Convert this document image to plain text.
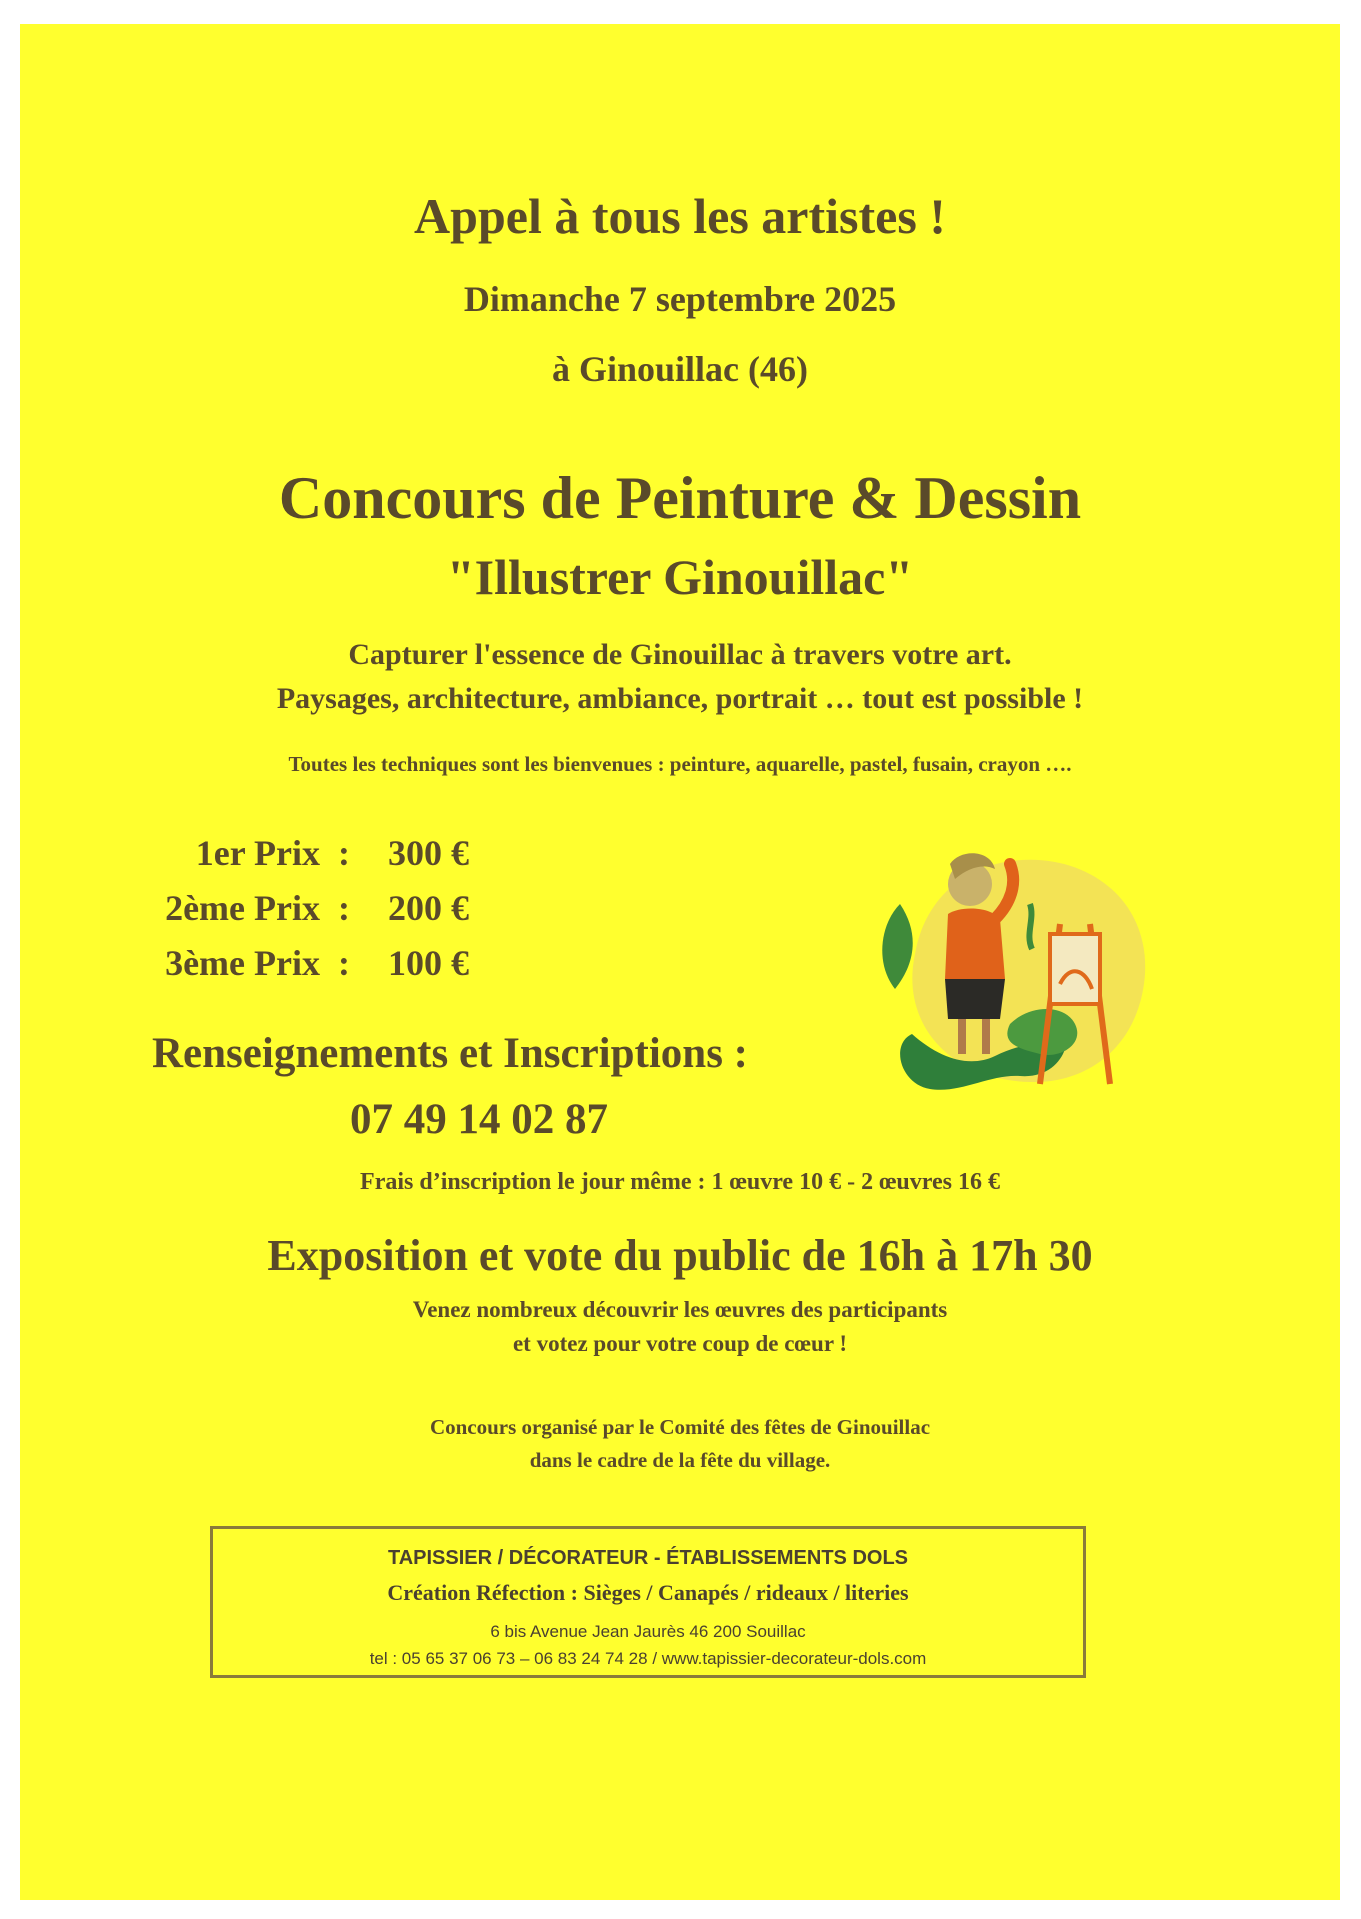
Appel à tous les artistes !
Dimanche 7 septembre 2025
à Ginouillac (46)
Concours de Peinture & Dessin
"Illustrer Ginouillac"
Capturer l'essence de Ginouillac à travers votre art.
Paysages, architecture, ambiance, portrait … tout est possible !
Toutes les techniques sont les bienvenues : peinture, aquarelle, pastel, fusain, crayon ….
1er Prix : 300 €
2ème Prix : 200 €
3ème Prix : 100 €
Renseignements et Inscriptions :
07 49 14 02 87
Frais d’inscription le jour même : 1 œuvre 10 € - 2 œuvres 16 €
Exposition et vote du public de 16h à 17h 30
Venez nombreux découvrir les œuvres des participants
et votez pour votre coup de cœur !
Concours organisé par le Comité des fêtes de Ginouillac
dans le cadre de la fête du village.
TAPISSIER / DÉCORATEUR - ÉTABLISSEMENTS DOLS
Création Réfection : Sièges / Canapés / rideaux / literies
6 bis Avenue Jean Jaurès 46 200 Souillac
tel : 05 65 37 06 73 – 06 83 24 74 28 / www.tapissier-decorateur-dols.com
